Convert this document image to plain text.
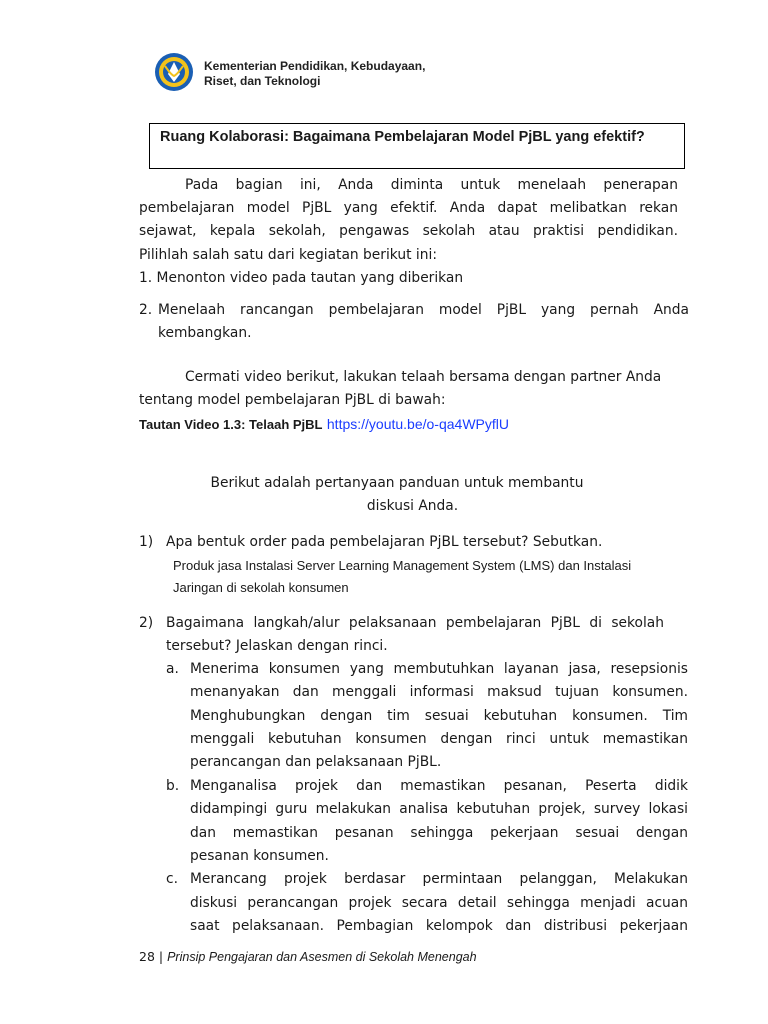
Kementerian Pendidikan, Kebudayaan,
Riset, dan Teknologi
Ruang Kolaborasi: Bagaimana Pembelajaran Model PjBL yang efektif?
Pada bagian ini, Anda diminta untuk menelaah penerapan
pembelajaran model PjBL yang efektif. Anda dapat melibatkan rekan
sejawat, kepala sekolah, pengawas sekolah atau praktisi pendidikan.
Pilihlah salah satu dari kegiatan berikut ini:
1. Menonton video pada tautan yang diberikan
2. Menelaah rancangan pembelajaran model PjBL yang pernah Anda
kembangkan.
Cermati video berikut, lakukan telaah bersama dengan partner Anda
tentang model pembelajaran PjBL di bawah:
Tautan Video 1.3: Telaah PjBL https://youtu.be/o-qa4WPyflU
Berikut adalah pertanyaan panduan untuk membantu
diskusi Anda.
1) Apa bentuk order pada pembelajaran PjBL tersebut? Sebutkan.
Produk jasa Instalasi Server Learning Management System (LMS) dan Instalasi
Jaringan di sekolah konsumen
2) Bagaimana langkah/alur pelaksanaan pembelajaran PjBL di sekolah
tersebut? Jelaskan dengan rinci.
a. Menerima konsumen yang membutuhkan layanan jasa, resepsionis
menanyakan dan menggali informasi maksud tujuan konsumen.
Menghubungkan dengan tim sesuai kebutuhan konsumen. Tim
menggali kebutuhan konsumen dengan rinci untuk memastikan
perancangan dan pelaksanaan PjBL.
b. Menganalisa projek dan memastikan pesanan, Peserta didik
didampingi guru melakukan analisa kebutuhan projek, survey lokasi
dan memastikan pesanan sehingga pekerjaan sesuai dengan
pesanan konsumen.
c. Merancang projek berdasar permintaan pelanggan, Melakukan
diskusi perancangan projek secara detail sehingga menjadi acuan
saat pelaksanaan. Pembagian kelompok dan distribusi pekerjaan
28 | Prinsip Pengajaran dan Asesmen di Sekolah Menengah
